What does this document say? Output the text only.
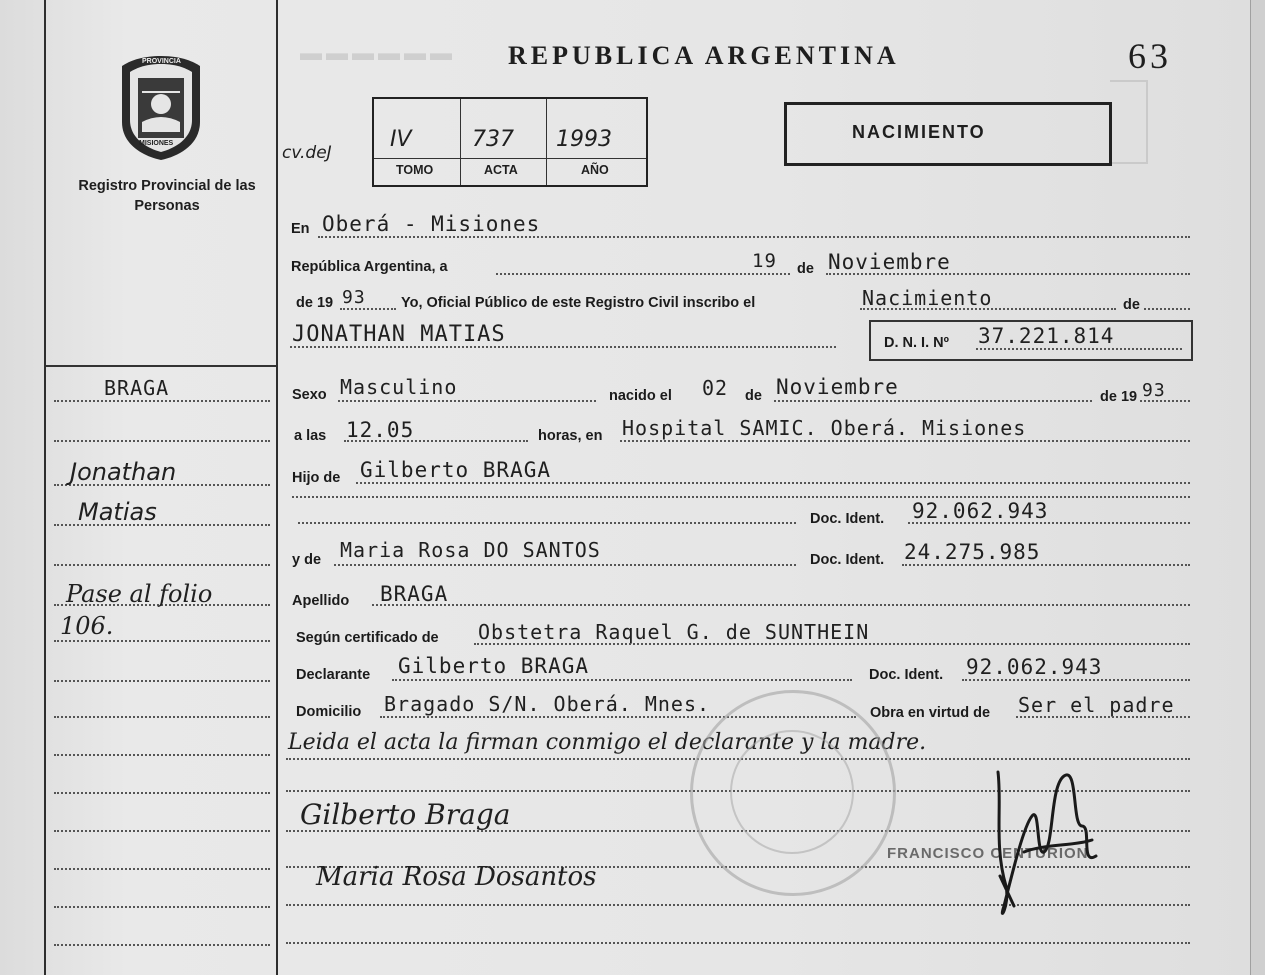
▬▬▬▬▬▬
PROVINCIA
MISIONES
Registro Provincial de las Personas
REPUBLICA ARGENTINA	63
cv.deJ
IV	737 1993
TOMO	ACTA	AÑO
NACIMIENTO
En Oberá - Misiones
República Argentina, a	19 de Noviembre
de 19 93 Yo, Oficial Público de este Registro Civil inscribo el	Nacimiento	de
JONATHAN MATIAS	D. N. I. Nº 37.221.814
Sexo Masculino	nacido el 02 de Noviembre	de 19 93
a las 12.05	horas, en Hospital SAMIC. Oberá. Misiones
Hijo de Gilberto BRAGA
Doc. Ident. 92.062.943
y de Maria Rosa DO SANTOS	Doc. Ident. 24.275.985
Apellido BRAGA
Según certificado de Obstetra Raquel G. de SUNTHEIN
Declarante Gilberto BRAGA	Doc. Ident. 92.062.943
Domicilio Bragado S/N. Oberá. Mnes.	Obra en virtud de Ser el padre
Leida el acta la firman conmigo el declarante y la madre.
FRANCISCO CENTURION
Gilberto Braga
Maria Rosa Dosantos
BRAGA
Jonathan
Matias
Pase al folio
106.
